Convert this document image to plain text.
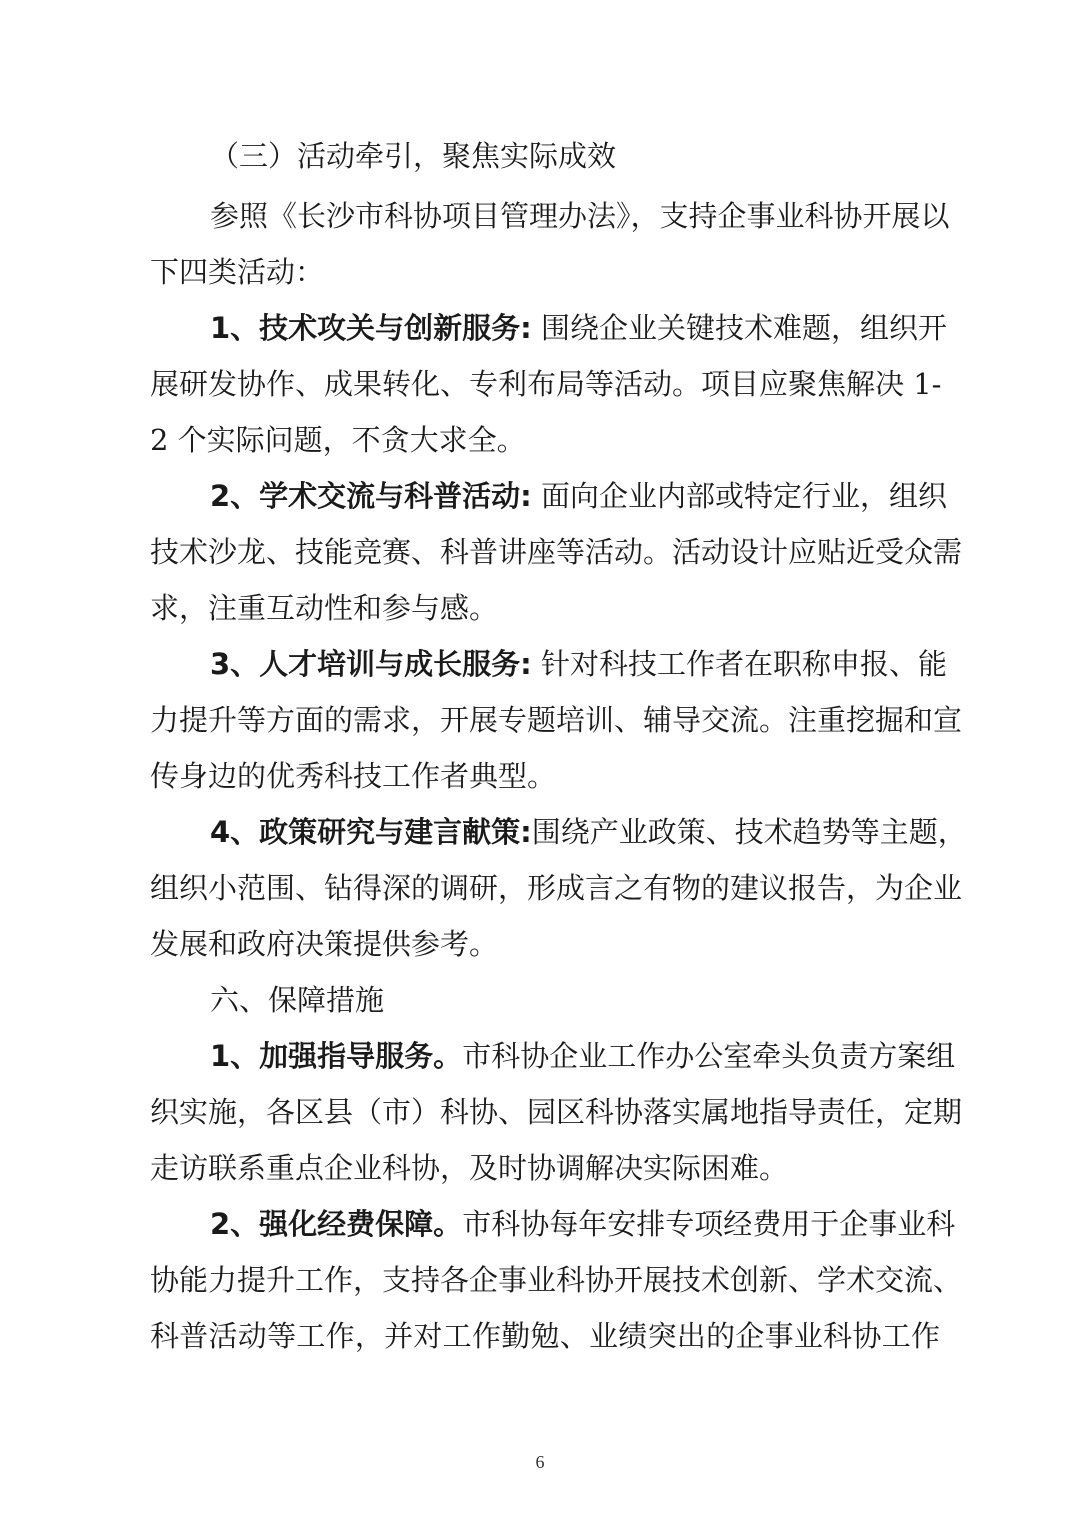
（三）活动牵引，聚焦实际成效
参照《长沙市科协项目管理办法》，支持企事业科协开展以
下四类活动：
1、技术攻关与创新服务: 围绕企业关键技术难题，组织开
展研发协作、成果转化、专利布局等活动。项目应聚焦解决 1-
2 个实际问题，不贪大求全。
2、学术交流与科普活动: 面向企业内部或特定行业，组织
技术沙龙、技能竞赛、科普讲座等活动。活动设计应贴近受众需
求，注重互动性和参与感。
3、人才培训与成长服务: 针对科技工作者在职称申报、能
力提升等方面的需求，开展专题培训、辅导交流。注重挖掘和宣
传身边的优秀科技工作者典型。
4、政策研究与建言献策:围绕产业政策、技术趋势等主题，
组织小范围、钻得深的调研，形成言之有物的建议报告，为企业
发展和政府决策提供参考。
六、保障措施
1、加强指导服务。市科协企业工作办公室牵头负责方案组
织实施，各区县（市）科协、园区科协落实属地指导责任，定期
走访联系重点企业科协，及时协调解决实际困难。
2、强化经费保障。市科协每年安排专项经费用于企事业科
协能力提升工作，支持各企事业科协开展技术创新、学术交流、
科普活动等工作，并对工作勤勉、业绩突出的企事业科协工作
6
